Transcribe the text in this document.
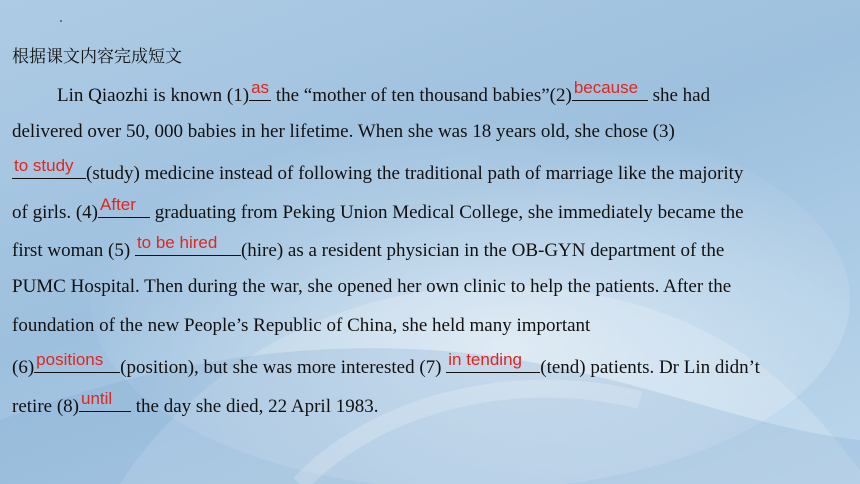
根据课文内容完成短文
Lin Qiaozhi is known (1) as the “mother of ten thousand babies”(2) because she had
delivered over 50, 000 babies in her lifetime. When she was 18 years old, she chose (3)
to study (study) medicine instead of following the traditional path of marriage like the majority
of girls. (4) After graduating from Peking Union Medical College, she immediately became the
first woman (5) to be hired (hire) as a resident physician in the OB-GYN department of the
PUMC Hospital. Then during the war, she opened her own clinic to help the patients. After the
foundation of the new People’s Republic of China, she held many important
(6) positions (position), but she was more interested (7) in tending (tend) patients. Dr Lin didn’t
retire (8) until the day she died, 22 April 1983.
